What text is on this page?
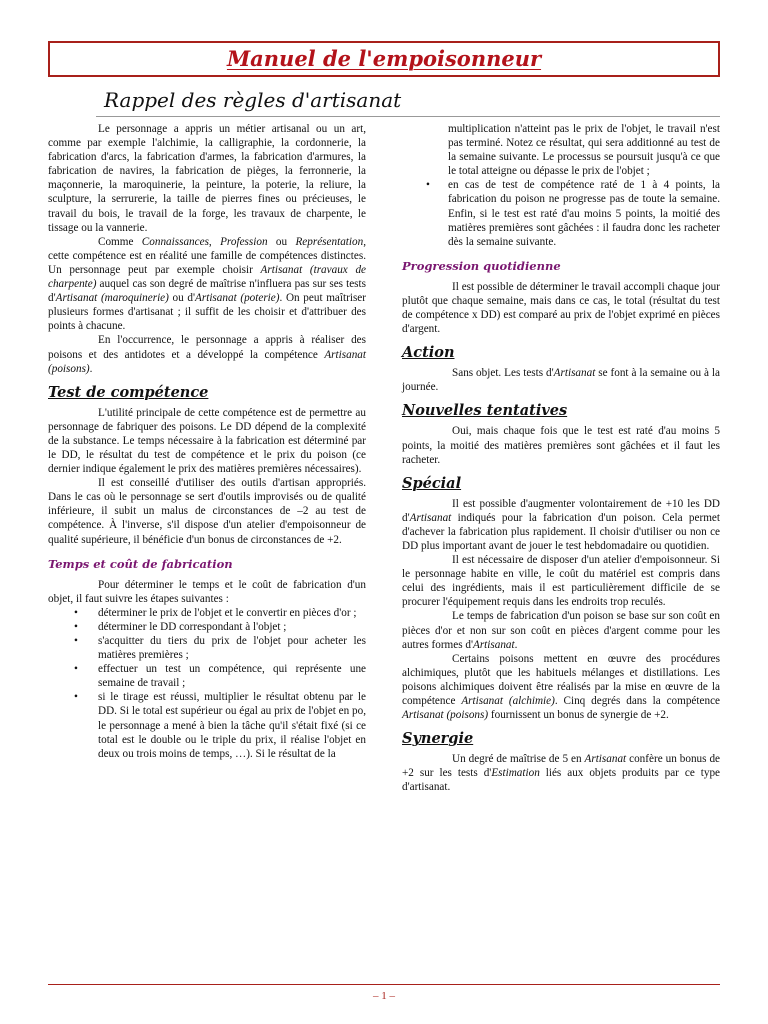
Manuel de l'empoisonneur
Rappel des règles d'artisanat

Le personnage a appris un métier artisanal ou un art, comme par exemple l'alchimie, la calligraphie, la cordonnerie, la fabrication d'arcs, la fabrication d'armes, la fabrication d'armures, la fabrication de navires, la fabrication de pièges, la ferronnerie, la maçonnerie, la maroquinerie, la peinture, la poterie, la reliure, la sculpture, la serrurerie, la taille de pierres fines ou précieuses, le travail du bois, le travail de la forge, les travaux de charpente, le tissage ou la vannerie.

Comme Connaissances, Profession ou Représentation, cette compétence est en réalité une famille de compétences distinctes. Un personnage peut par exemple choisir Artisanat (travaux de charpente) auquel cas son degré de maîtrise n'influera pas sur ses tests d'Artisanat (maroquinerie) ou d'Artisanat (poterie). On peut maîtriser plusieurs formes d'artisanat ; il suffit de les choisir et d'attribuer des points à chacune.

En l'occurrence, le personnage a appris à réaliser des poisons et des antidotes et a développé la compétence Artisanat (poisons).

Test de compétence

L'utilité principale de cette compétence est de permettre au personnage de fabriquer des poisons. Le DD dépend de la complexité de la substance. Le temps nécessaire à la fabrication est déterminé par le DD, le résultat du test de compétence et le prix du poison (ce dernier indique également le prix des matières premières nécessaires).

Il est conseillé d'utiliser des outils d'artisan appropriés. Dans le cas où le personnage se sert d'outils improvisés ou de qualité inférieure, il subit un malus de circonstances de –2 au test de compétence. À l'inverse, s'il dispose d'un atelier d'empoisonneur de qualité supérieure, il bénéficie d'un bonus de circonstances de +2.

Temps et coût de fabrication

Pour déterminer le temps et le coût de fabrication d'un objet, il faut suivre les étapes suivantes :

•	déterminer le prix de l'objet et le convertir en pièces d'or ;
•	déterminer le DD correspondant à l'objet ;
•	s'acquitter du tiers du prix de l'objet pour acheter les matières premières ;
•	effectuer un test un compétence, qui représente une semaine de travail ;
•	si le tirage est réussi, multiplier le résultat obtenu par le DD. Si le total est supérieur ou égal au prix de l'objet en po, le personnage a mené à bien la tâche qu'il s'était fixé (si ce total est le double ou le triple du prix, il réalise l'objet en deux ou trois moins de temps, …). Si le résultat de la
multiplication n'atteint pas le prix de l'objet, le travail n'est pas terminé. Notez ce résultat, qui sera additionné au test de la semaine suivante. Le processus se poursuit jusqu'à ce que le total atteigne ou dépasse le prix de l'objet ;
•	en cas de test de compétence raté de 1 à 4 points, la fabrication du poison ne progresse pas de toute la semaine. Enfin, si le test est raté d'au moins 5 points, la moitié des matières premières sont gâchées : il faudra donc les racheter dès la semaine suivante.
Progression quotidienne

Il est possible de déterminer le travail accompli chaque jour plutôt que chaque semaine, mais dans ce cas, le total (résultat du test de compétence x DD) est comparé au prix de l'objet exprimé en pièces d'argent.

Action

Sans objet. Les tests d'Artisanat se font à la semaine ou à la journée.

Nouvelles tentatives

Oui, mais chaque fois que le test est raté d'au moins 5 points, la moitié des matières premières sont gâchées et il faut les racheter.

Spécial

Il est possible d'augmenter volontairement de +10 les DD d'Artisanat indiqués pour la fabrication d'un poison. Cela permet d'achever la fabrication plus rapidement. Il choisir d'utiliser ou non ce DD plus important avant de jouer le test hebdomadaire ou quotidien.

Il est nécessaire de disposer d'un atelier d'empoisonneur. Si le personnage habite en ville, le coût du matériel est compris dans celui des ingrédients, mais il est particulièrement difficile de se procurer l'équipement requis dans les endroits trop reculés.

Le temps de fabrication d'un poison se base sur son coût en pièces d'or et non sur son coût en pièces d'argent comme pour les autres formes d'Artisanat.

Certains poisons mettent en œuvre des procédures alchimiques, plutôt que les habituels mélanges et distillations. Les poisons alchimiques doivent être réalisés par la mise en œuvre de la compétence Artisanat (alchimie). Cinq degrés dans la compétence Artisanat (poisons) fournissent un bonus de synergie de +2.

Synergie

Un degré de maîtrise de 5 en Artisanat confère un bonus de +2 sur les tests d'Estimation liés aux objets produits par ce type d'artisanat.

– 1 –
